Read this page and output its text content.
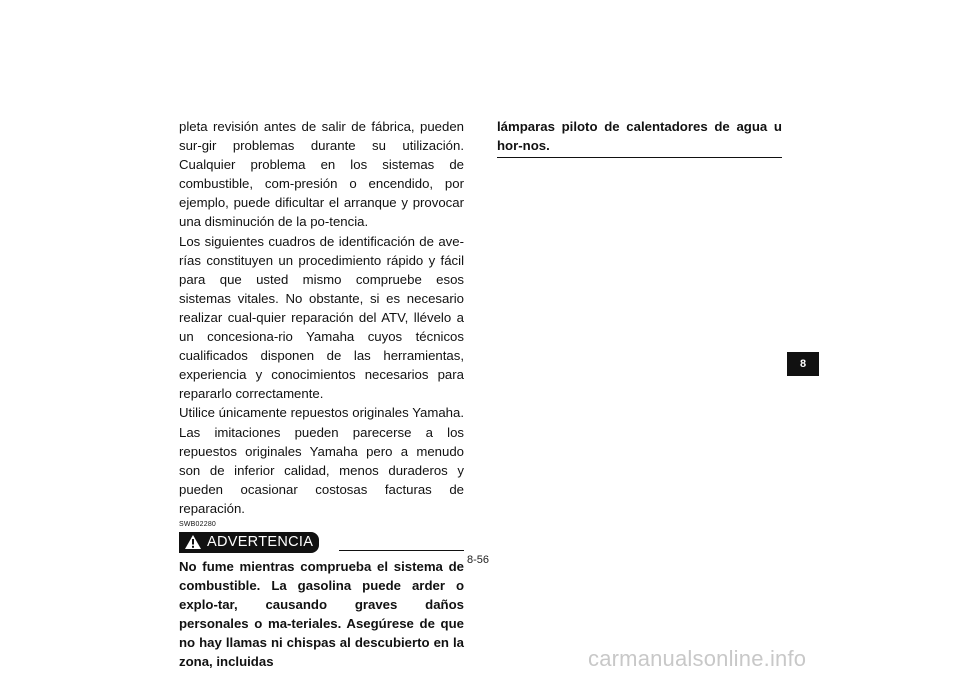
pleta revisión antes de salir de fábrica, pueden sur-gir problemas durante su utilización. Cualquier problema en los sistemas de combustible, com-presión o encendido, por ejemplo, puede dificultar el arranque y provocar una disminución de la po-tencia.

Los siguientes cuadros de identificación de ave-rías constituyen un procedimiento rápido y fácil para que usted mismo compruebe esos sistemas vitales. No obstante, si es necesario realizar cual-quier reparación del ATV, llévelo a un concesiona-rio Yamaha cuyos técnicos cualificados disponen de las herramientas, experiencia y conocimientos necesarios para repararlo correctamente.

Utilice únicamente repuestos originales Yamaha. Las imitaciones pueden parecerse a los repuestos originales Yamaha pero a menudo son de inferior calidad, menos duraderos y pueden ocasionar costosas facturas de reparación.

SWB02280
ADVERTENCIA

No fume mientras comprueba el sistema de combustible. La gasolina puede arder o explo-tar, causando graves daños personales o ma-teriales. Asegúrese de que no hay llamas ni chispas al descubierto en la zona, incluidas

lámparas piloto de calentadores de agua u hor-nos.

8-56
8
carmanualsonline.info
